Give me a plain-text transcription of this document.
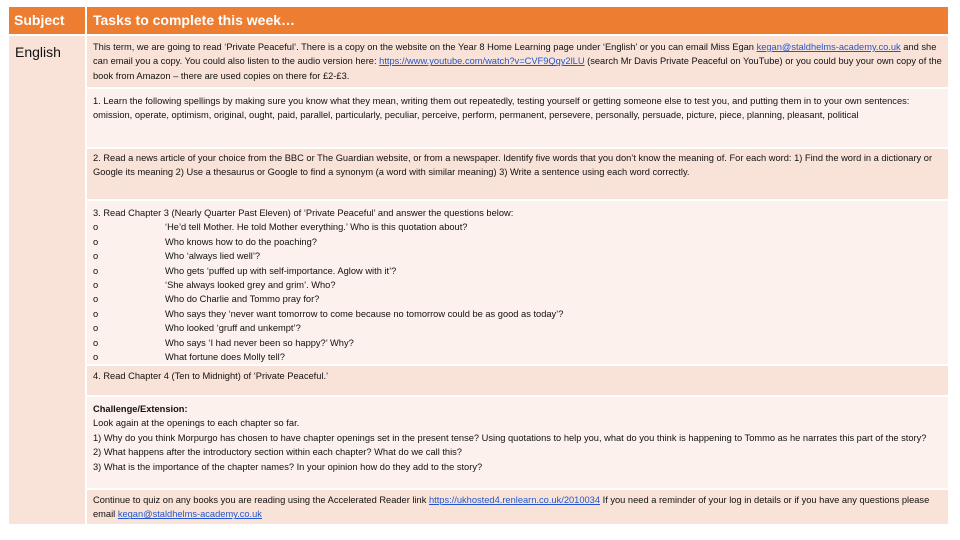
Subject	Tasks to complete this week…
English	This term, we are going to read ‘Private Peaceful’. There is a copy on the website on the Year 8 Home Learning page under ‘English’ or you can email Miss Egan kegan@staldhelms-academy.co.uk and she can email you a copy. You could also listen to the audio version here: https://www.youtube.com/watch?v=CVF9Qgy2lLU (search Mr Davis Private Peaceful on YouTube) or you could buy your own copy of the book from Amazon – there are used copies on there for £2-£3.
1. Learn the following spellings by making sure you know what they mean, writing them out repeatedly, testing yourself or getting someone else to test you, and putting them in to your own sentences: omission, operate, optimism, original, ought, paid, parallel, particularly, peculiar, perceive, perform, permanent, persevere, personally, persuade, picture, piece, planning, pleasant, political
2. Read a news article of your choice from the BBC or The Guardian website, or from a newspaper. Identify five words that you don’t know the meaning of. For each word: 1) Find the word in a dictionary or Google its meaning 2) Use a thesaurus or Google to find a synonym (a word with similar meaning) 3) Write a sentence using each word correctly.
3. Read Chapter 3 (Nearly Quarter Past Eleven) of ‘Private Peaceful’ and answer the questions below:
o	‘He’d tell Mother. He told Mother everything.’ Who is this quotation about?
o	Who knows how to do the poaching?
o	Who ‘always lied well’?
o	Who gets ‘puffed up with self-importance. Aglow with it’?
o	‘She always looked grey and grim’. Who?
o	Who do Charlie and Tommo pray for?
o	Who says they ‘never want tomorrow to come because no tomorrow could be as good as today’?
o	Who looked ‘gruff and unkempt’?
o	Who says ‘I had never been so happy?’ Why?
o	What fortune does Molly tell?
4. Read Chapter 4 (Ten to Midnight) of ‘Private Peaceful.’
Challenge/Extension:
Look again at the openings to each chapter so far.
1) Why do you think Morpurgo has chosen to have chapter openings set in the present tense? Using quotations to help you, what do you think is happening to Tommo as he narrates this part of the story?
2) What happens after the introductory section within each chapter? What do we call this?
3) What is the importance of the chapter names? In your opinion how do they add to the story?
Continue to quiz on any books you are reading using the Accelerated Reader link https://ukhosted4.renlearn.co.uk/2010034 If you need a reminder of your log in details or if you have any questions please email kegan@staldhelms-academy.co.uk
